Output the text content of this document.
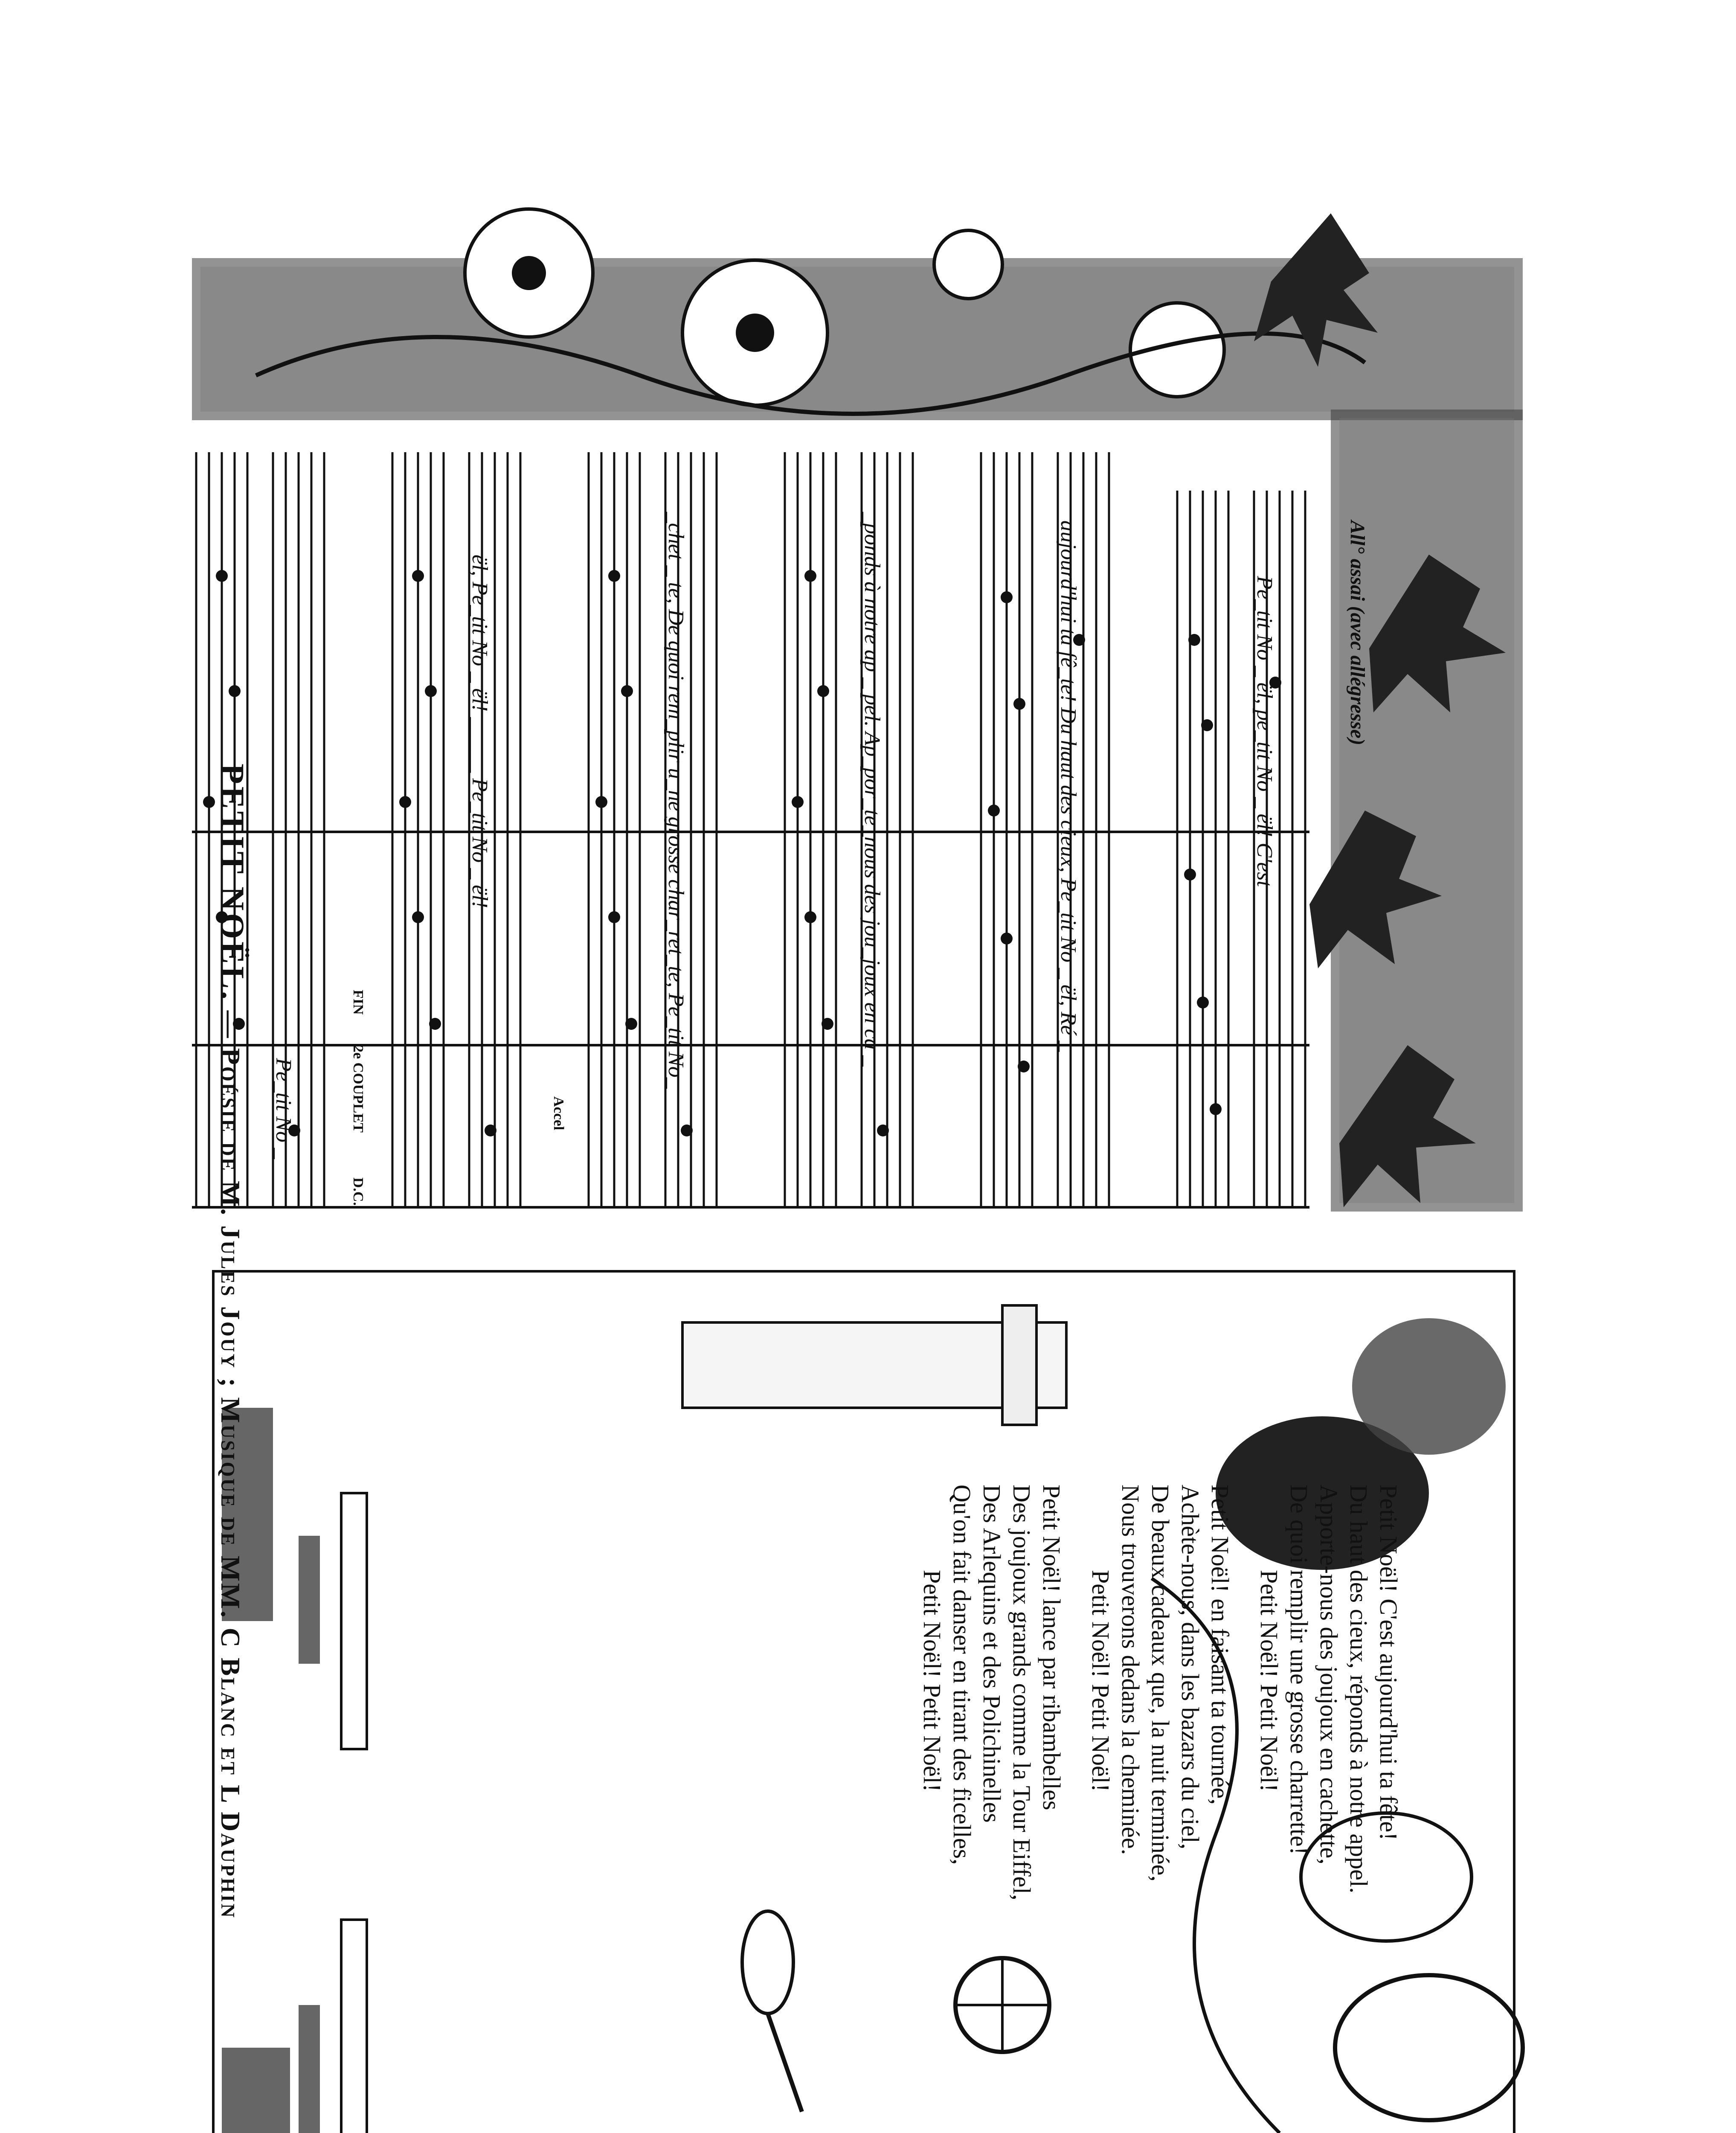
PETIT NOËL. — Poésie de M. Jules Jouy ; Musique de MM. C Blanc et L Dauphin
All° assai (avec allégresse)
Pe_tit No _ ël, pe_tit No _ ël! C'est
aujourd'hui ta fê_te! Du haut des cieux, Pe_tit No _ ël, Ré _
_ponds à notre ap _ pel. Ap_por_te_nous des jou_joux en ca _
_chet _ te, De quoi rem_plir u_ne grosse char_ret_te, Pe_tit No_
ël, Pe_tit No _ ël! _____ Pe_tit No _ ël!
Pe_tit No _	Accel
FIN
2e COUPLET
D.C.
Petit Noël! C'est aujourd'hui ta fête!
Du haut des cieux, réponds à notre appel.
Apporte-nous des joujoux en cachette,
De quoi remplir une grosse charrette!
Petit Noël! Petit Noël!
Petit Noël! en faisant ta tournée,
Achète-nous, dans les bazars du ciel,
De beaux cadeaux que, la nuit terminée,
Nous trouverons dedans la cheminée.
Petit Noël! Petit Noël!
Petit Noël! lance par ribambelles
Des joujoux grands comme la Tour Eiffel,
Des Arlequins et des Polichinelles
Qu'on fait danser en tirant des ficelles,
Petit Noël! Petit Noël!
